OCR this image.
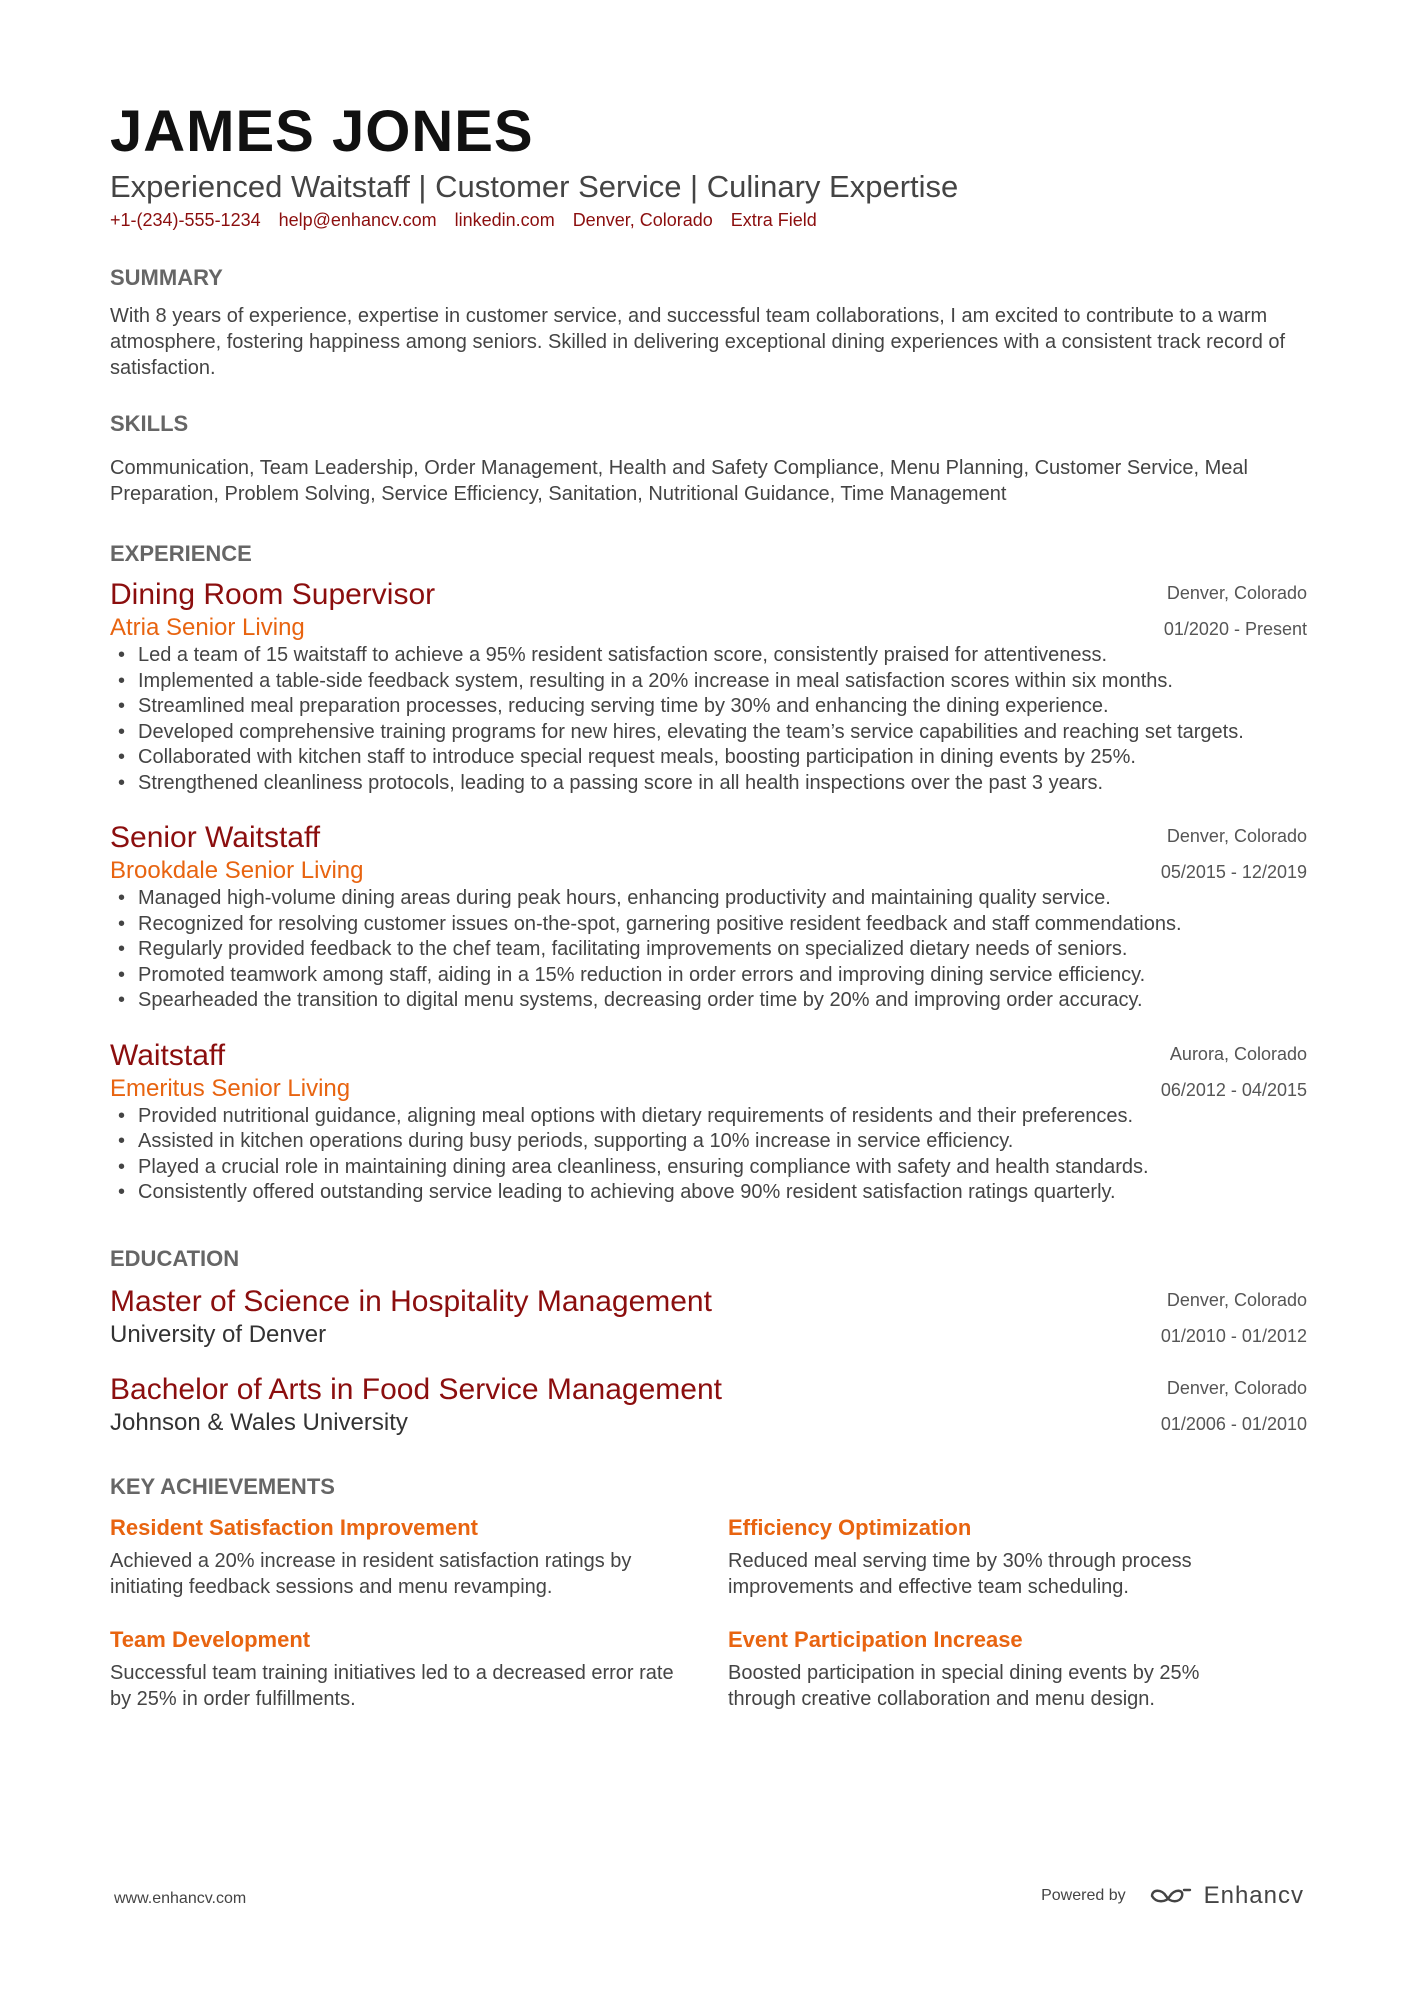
JAMES JONES
Experienced Waitstaff | Customer Service | Culinary Expertise
+1-(234)-555-1234 help@enhancv.com linkedin.com Denver, Colorado Extra Field
SUMMARY
With 8 years of experience, expertise in customer service, and successful team collaborations, I am excited to contribute to a warm atmosphere, fostering happiness among seniors. Skilled in delivering exceptional dining experiences with a consistent track record of satisfaction.
SKILLS
Communication, Team Leadership, Order Management, Health and Safety Compliance, Menu Planning, Customer Service, Meal Preparation, Problem Solving, Service Efficiency, Sanitation, Nutritional Guidance, Time Management
EXPERIENCE
Dining Room Supervisor
Atria Senior Living
Denver, Colorado
01/2020 - Present
• Led a team of 15 waitstaff to achieve a 95% resident satisfaction score, consistently praised for attentiveness.
• Implemented a table-side feedback system, resulting in a 20% increase in meal satisfaction scores within six months.
• Streamlined meal preparation processes, reducing serving time by 30% and enhancing the dining experience.
• Developed comprehensive training programs for new hires, elevating the team’s service capabilities and reaching set targets.
• Collaborated with kitchen staff to introduce special request meals, boosting participation in dining events by 25%.
• Strengthened cleanliness protocols, leading to a passing score in all health inspections over the past 3 years.
Senior Waitstaff
Brookdale Senior Living
Denver, Colorado
05/2015 - 12/2019
• Managed high-volume dining areas during peak hours, enhancing productivity and maintaining quality service.
• Recognized for resolving customer issues on-the-spot, garnering positive resident feedback and staff commendations.
• Regularly provided feedback to the chef team, facilitating improvements on specialized dietary needs of seniors.
• Promoted teamwork among staff, aiding in a 15% reduction in order errors and improving dining service efficiency.
• Spearheaded the transition to digital menu systems, decreasing order time by 20% and improving order accuracy.
Waitstaff
Emeritus Senior Living
Aurora, Colorado
06/2012 - 04/2015
• Provided nutritional guidance, aligning meal options with dietary requirements of residents and their preferences.
• Assisted in kitchen operations during busy periods, supporting a 10% increase in service efficiency.
• Played a crucial role in maintaining dining area cleanliness, ensuring compliance with safety and health standards.
• Consistently offered outstanding service leading to achieving above 90% resident satisfaction ratings quarterly.
EDUCATION
Master of Science in Hospitality Management
University of Denver
Denver, Colorado
01/2010 - 01/2012
Bachelor of Arts in Food Service Management
Johnson & Wales University
Denver, Colorado
01/2006 - 01/2010
KEY ACHIEVEMENTS
Resident Satisfaction Improvement
Achieved a 20% increase in resident satisfaction ratings by initiating feedback sessions and menu revamping.
Efficiency Optimization
Reduced meal serving time by 30% through process improvements and effective team scheduling.
Team Development
Successful team training initiatives led to a decreased error rate by 25% in order fulfillments.
Event Participation Increase
Boosted participation in special dining events by 25% through creative collaboration and menu design.
www.enhancv.com	Powered by	Enhancv
